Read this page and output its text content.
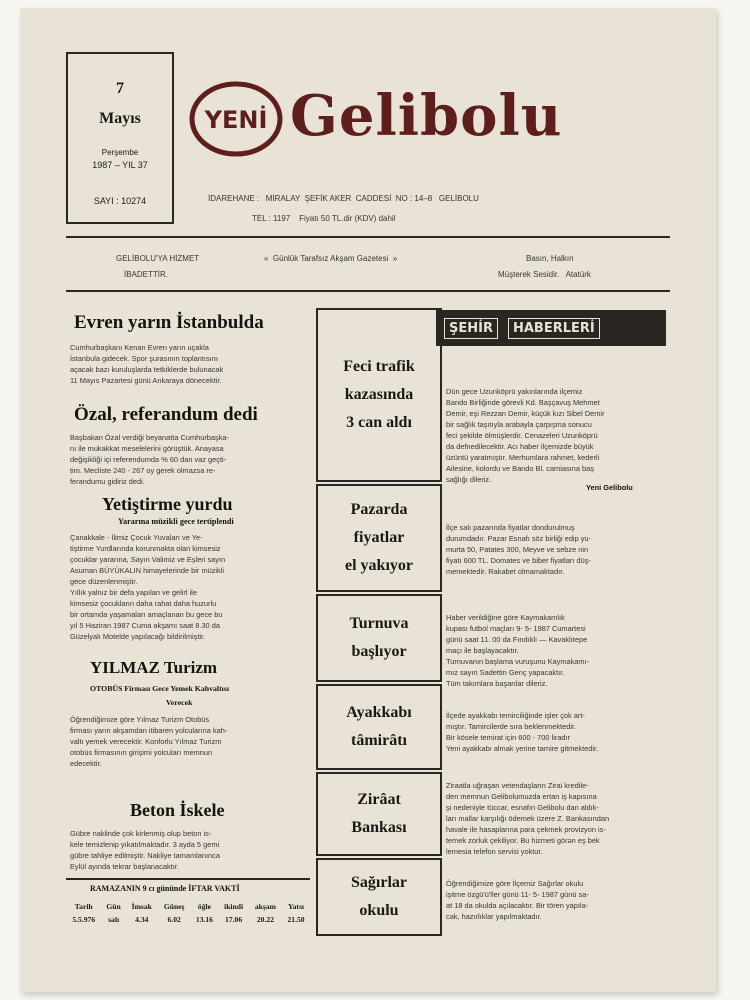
7
Mayıs
Perşembe
1987 – YIL 37
SAYI : 10274
YENİ Gelibolu
İDAREHANE :   MİRALAY  ŞEFİK AKER  CADDESİ  NO : 14–8   GELİBOLU
TEL : 1197    Fiyatı 50 TL.dir (KDV) dahil
GELİBOLU'YA HİZMET
İBADETTİR.
«  Günlük Tarafsız Akşam Gazetesi  »	Basın, Halkın
Müşterek Sesidir.   Atatürk
Evren yarın İstanbulda
Cumhurbaşkanı Kenan Evren yarın uçakla
İstanbula gidecek. Spor şurasının toplantısını
açacak bazı kuruluşlarda tetkiklerde bulunacak
11 Mayıs Pazartesi günü Ankaraya dönecektir.
Özal, referandum dedi
Başbakan Özal verdiği beyanatta Cumhurbaşka-
nı ile mukakkat meselelerini görüştük. Anayasa
değişikliği içi referendumda % 60 dan vaz geçti-
tim. Mecliste 240 - 267 oy gerek olmazsa re-
ferandumu gidiriz dedi.
Yetiştirme yurdu
Yararına müzikli gece tertiplendi
Çanakkale - İlimiz Çocuk Yuvaları ve Ye-
tiştirme Yurdlarında korunmakta olan kimsesiz
çocuklar yararına, Sayın Valimiz ve Eşleri sayın
Asuman BÜYÜKALIN himayelerinde bir müzikli
gece düzenlenmiştir.
Yıllık yalnız bir defa yapılan ve gelirl ile
kimsesiz çocukların daha rahat daha huzurlu
bir ortamda yaşamaları amaçlanan bu gece bu
yıl 5 Haziran 1987 Cuma akşamı saat 8.30 da
Güzelyalı Motelde yapılacağı bildirilmiştir.
YILMAZ Turizm
OTOBÜS Firması Gece Yemek Kahvaltısı
Verecek
Öğrendiğimize göre Yılmaz Turizm Otobüs
firması yarın akşamdan itibaren yolcularına kah-
valtı yemek verecektir. Konforlu Yılmaz Turizm
otobüs firmasının girişimi yolcuları memnun
edecektir.
Beton İskele
Gübre naklinde çok kirlenmiş olup beton is-
kele temizlenip yıkatılmaktadır. 3 ayda 5 gemi
gübre tahliye edilmiştir. Nakliye tamamlanınca
Eylül ayında tekrar başlanacaktır.
RAMAZANIN 9 cı gününde İFTAR VAKTİ
Tarih	Gün	İmsak	Güneş	öğle	ikindi	akşam	Yatsı
5.5.976	salı	4.34	6.02	13.16	17.06	20.22	21.50
Feci trafik
kazasında
3 can aldı
Pazarda
fiyatlar
el yakıyor
Turnuva
başlıyor
Ayakkabı
tâmirâtı
Zirâat
Bankası
Sağırlar
okulu
ŞEHİR	HABERLERİ
Dün gece Uzunköprü yakınlarında ilçemiz
Bando Birliğinde görevli Kd. Başçavuş Mehmet
Demir, eşi Rezzan Demir, küçük kızı Sibel Demir
bir sağlık taşıtıyla arabayla çarpışma sonucu
feci şekilde ölmüşlerdir. Cenazeleri Uzunköprü
da defnedilecektir. Acı haber ilçemizde büyük
üzüntü yaratmıştır. Merhumlara rahmet, kederli
Ailesine, kolordu ve Bando Bl. camiasına baş
sağlığı dileriz.
Yeni Gelibolu
İlçe salı pazarında fiyatlar dondurulmuş
durumdadır. Pazar Esnafı söz birliği edip yu-
murta 50, Patates 300, Meyve ve sebze nin
fiyatı 600 TL. Domates ve biber fiyatları düş-
memektedir. Rakabet olmamaktadır.
Haber verildiğine göre Kaymakamlık
kupası futbol maçları 9- 5- 1987 Cumartesi
günü saat 11. 00 da Fındıklı — Kavaklıtepe
maçı ile başlayacaktır.
Turnuvanın başlama vuruşunu Kaymakamı-
mız sayın Sadettin Genç yapacaktır.
Tüm takımlara başarılar dileriz.
İlçede ayakkabı temirciliğinde işler çok art-
mıştır. Tamircilerde sıra beklenmektedir.
Bir kösele temirat için 600 - 700 liradır
Yeni ayakkabı almak yerine tamire gitmektedir.
Ziraatla uğraşan vetendaşların Zirai kredile-
den memnun Gelibolumuzda ertan iş kapısına
şi nedeniyle tüccar, esnafın Gelibolu dan aldık-
ları mallar karşılığı ödemek üzere Z. Bankasından
havale ile hasaplarına para çekmek provizyon is-
temek zorluk çekiliyor. Bu hizmeti görən eş bek
lemesia telefon servisi yoktur.
Öğrendiğimize göre İlçemiz Sağırlar okulu
işitme özgü'ü'ller günü 11- 5- 1987 günü sa-
at 18 da okulda açılacaktır. Bir tören yapıla-
cak, hazırlıklar yapılmaktadır.
